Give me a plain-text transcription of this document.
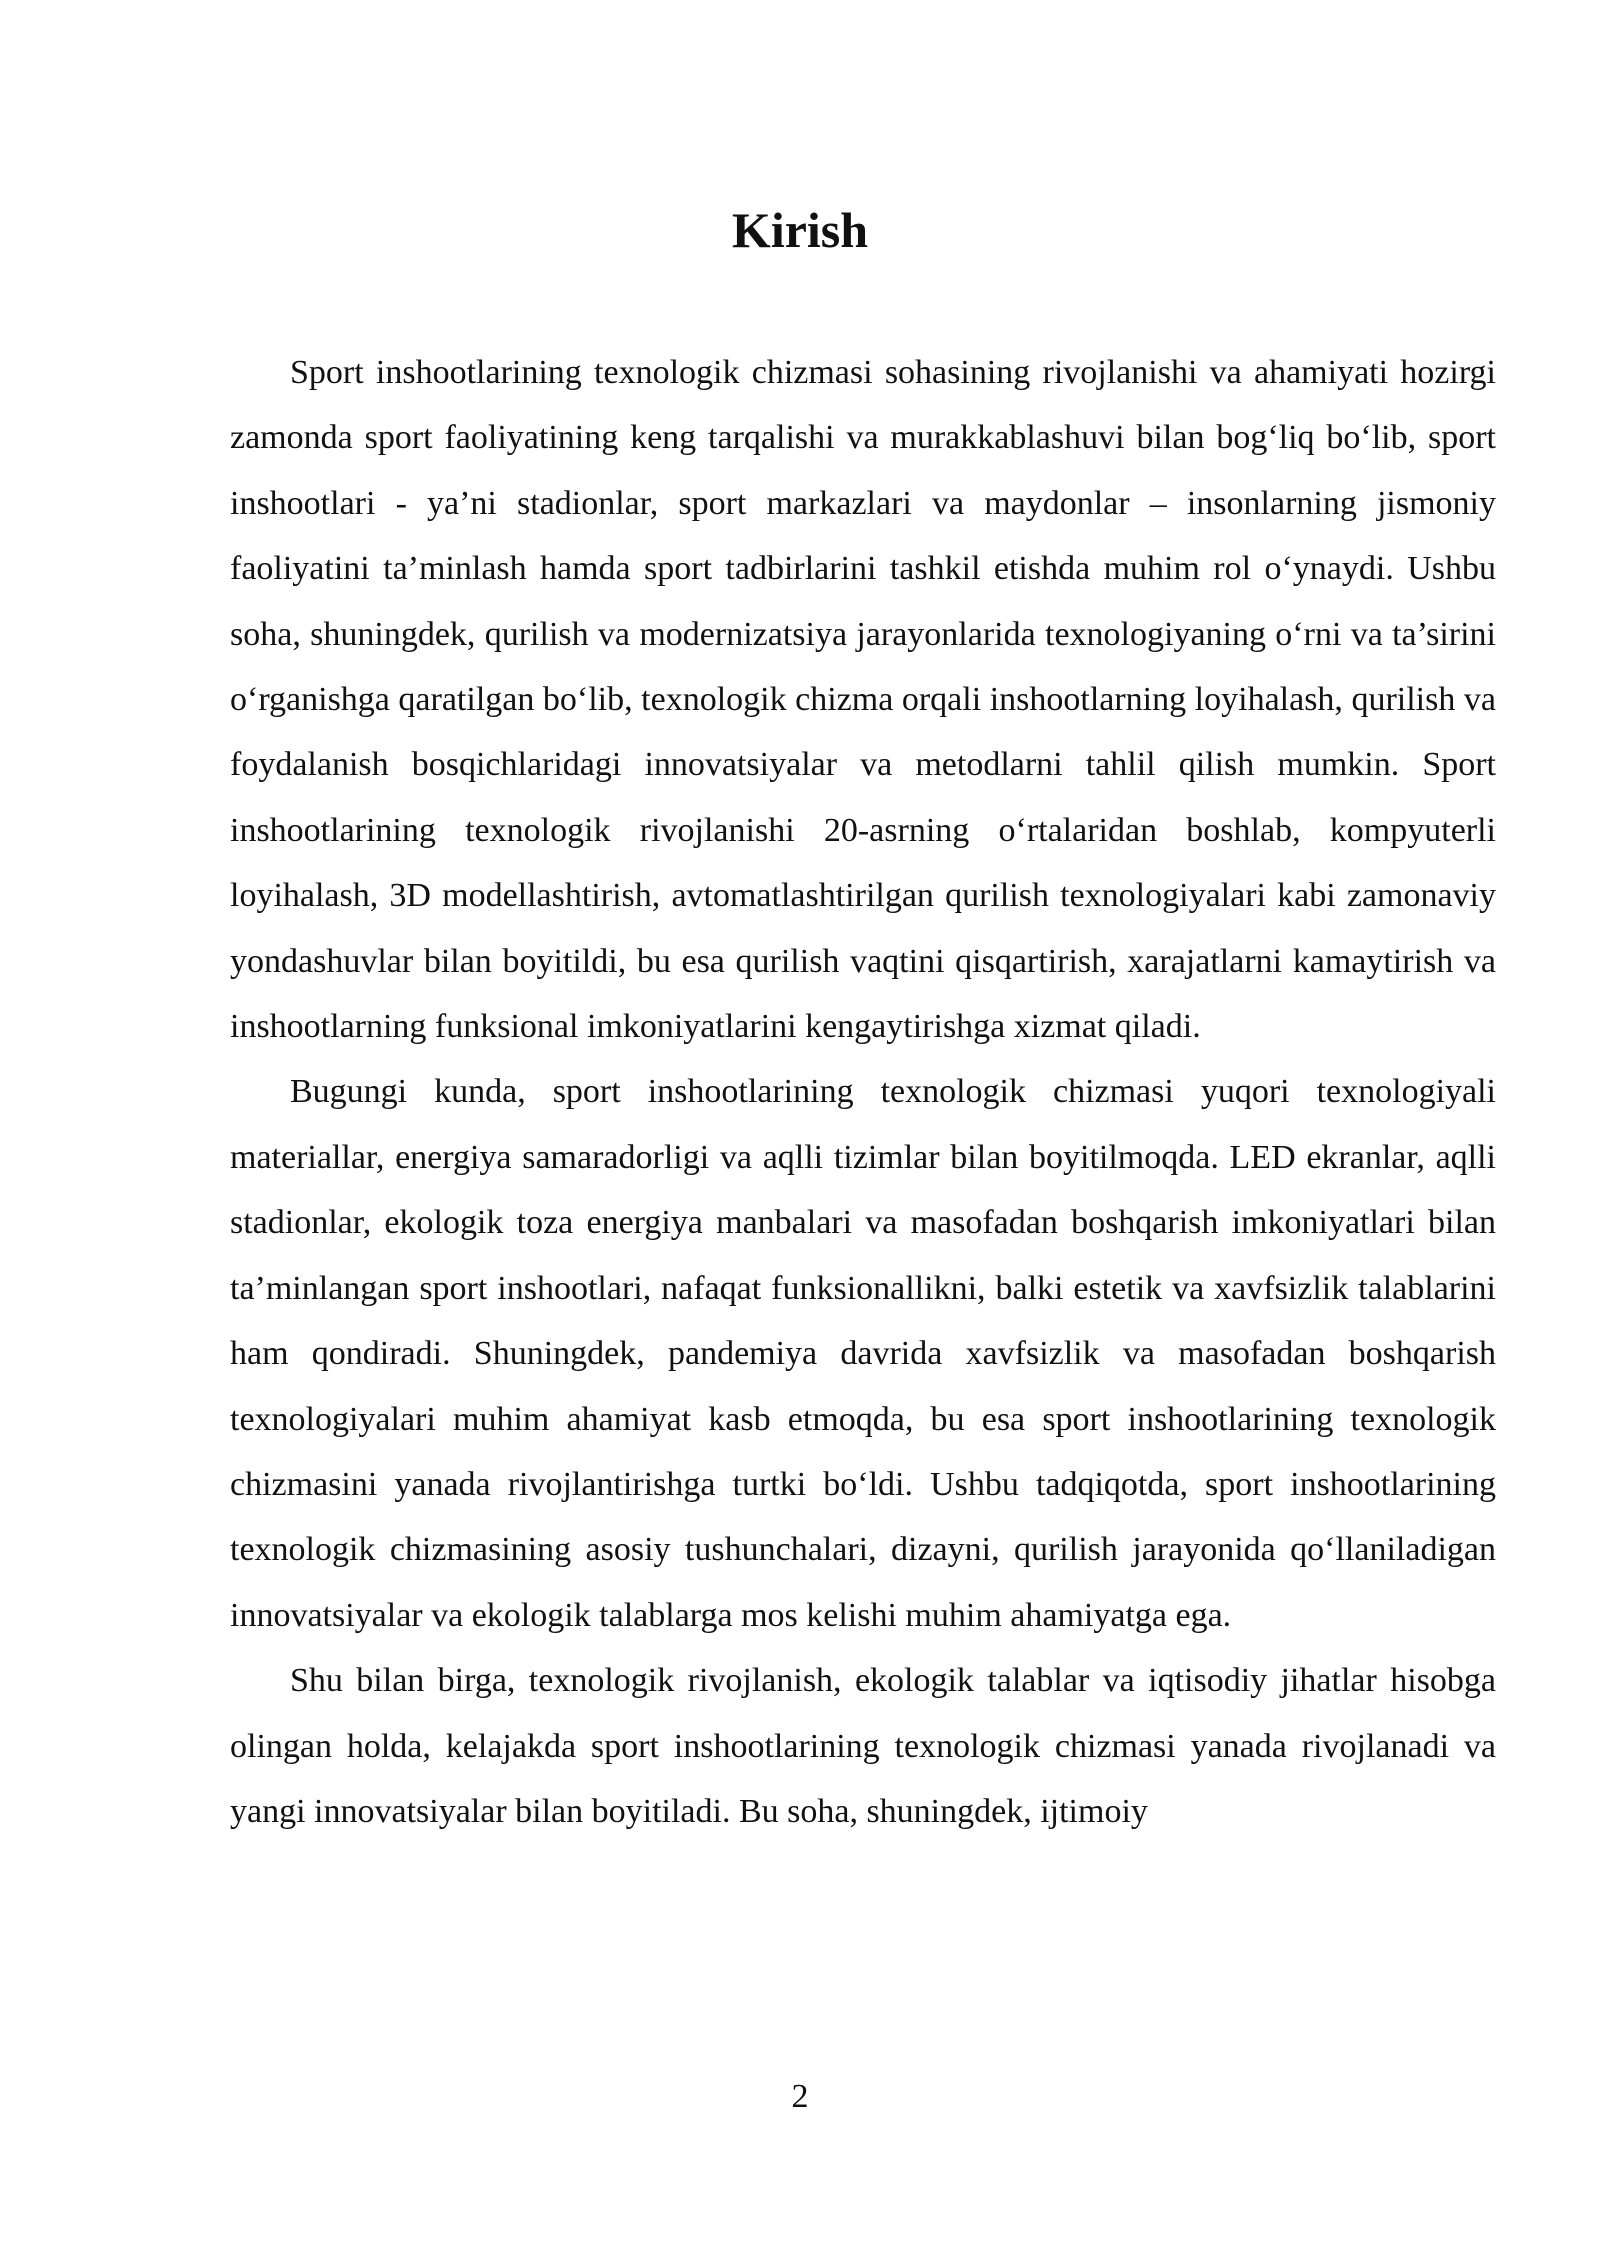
Kirish

Sport inshootlarining texnologik chizmasi sohasining rivojlanishi va ahamiyati hozirgi zamonda sport faoliyatining keng tarqalishi va murakkablashuvi bilan bog‘liq bo‘lib, sport inshootlari - ya’ni stadionlar, sport markazlari va maydonlar – insonlarning jismoniy faoliyatini ta’minlash hamda sport tadbirlarini tashkil etishda muhim rol o‘ynaydi. Ushbu soha, shuningdek, qurilish va modernizatsiya jarayonlarida texnologiyaning o‘rni va ta’sirini o‘rganishga qaratilgan bo‘lib, texnologik chizma orqali inshootlarning loyihalash, qurilish va foydalanish bosqichlaridagi innovatsiyalar va metodlarni tahlil qilish mumkin. Sport inshootlarining texnologik rivojlanishi 20-asrning o‘rtalaridan boshlab, kompyuterli loyihalash, 3D modellashtirish, avtomatlashtirilgan qurilish texnologiyalari kabi zamonaviy yondashuvlar bilan boyitildi, bu esa qurilish vaqtini qisqartirish, xarajatlarni kamaytirish va inshootlarning funksional imkoniyatlarini kengaytirishga xizmat qiladi.

Bugungi kunda, sport inshootlarining texnologik chizmasi yuqori texnologiyali materiallar, energiya samaradorligi va aqlli tizimlar bilan boyitilmoqda. LED ekranlar, aqlli stadionlar, ekologik toza energiya manbalari va masofadan boshqarish imkoniyatlari bilan ta’minlangan sport inshootlari, nafaqat funksionallikni, balki estetik va xavfsizlik talablarini ham qondiradi. Shuningdek, pandemiya davrida xavfsizlik va masofadan boshqarish texnologiyalari muhim ahamiyat kasb etmoqda, bu esa sport inshootlarining texnologik chizmasini yanada rivojlantirishga turtki bo‘ldi. Ushbu tadqiqotda, sport inshootlarining texnologik chizmasining asosiy tushunchalari, dizayni, qurilish jarayonida qo‘llaniladigan innovatsiyalar va ekologik talablarga mos kelishi muhim ahamiyatga ega.

Shu bilan birga, texnologik rivojlanish, ekologik talablar va iqtisodiy jihatlar hisobga olingan holda, kelajakda sport inshootlarining texnologik chizmasi yanada rivojlanadi va yangi innovatsiyalar bilan boyitiladi. Bu soha, shuningdek, ijtimoiy

2
